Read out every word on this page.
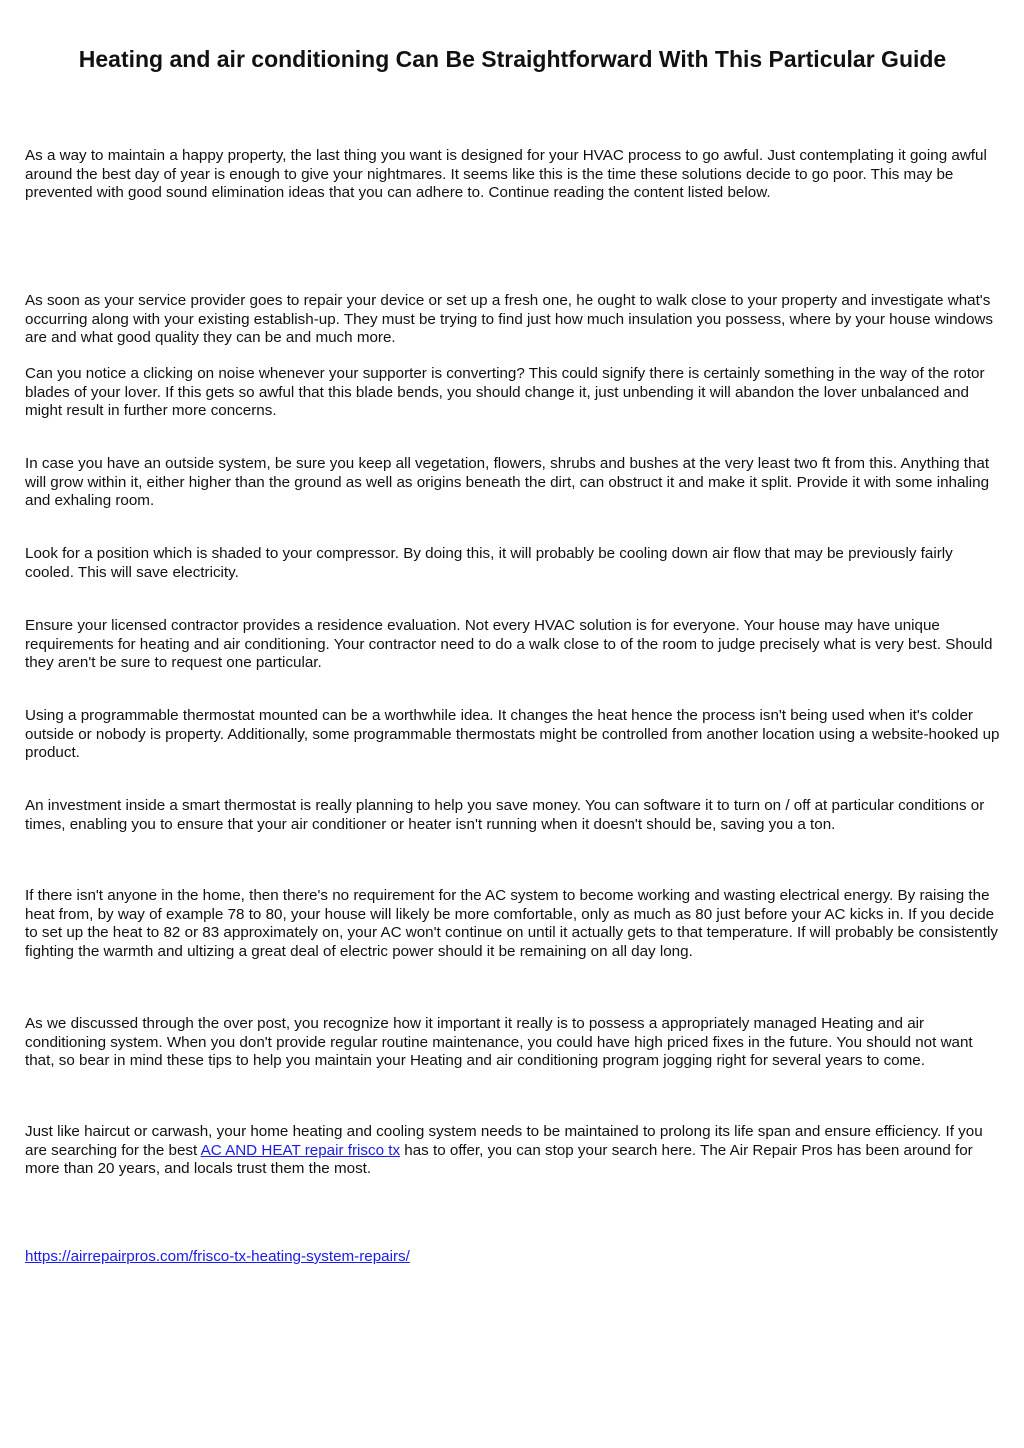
Heating and air conditioning Can Be Straightforward With This Particular Guide

As a way to maintain a happy property, the last thing you want is designed for your HVAC process to go awful. Just contemplating it going awful around the best day of year is enough to give your nightmares. It seems like this is the time these solutions decide to go poor. This may be prevented with good sound elimination ideas that you can adhere to. Continue reading the content listed below.

As soon as your service provider goes to repair your device or set up a fresh one, he ought to walk close to your property and investigate what's occurring along with your existing establish-up. They must be trying to find just how much insulation you possess, where by your house windows are and what good quality they can be and much more.

Can you notice a clicking on noise whenever your supporter is converting? This could signify there is certainly something in the way of the rotor blades of your lover. If this gets so awful that this blade bends, you should change it, just unbending it will abandon the lover unbalanced and might result in further more concerns.

In case you have an outside system, be sure you keep all vegetation, flowers, shrubs and bushes at the very least two ft from this. Anything that will grow within it, either higher than the ground as well as origins beneath the dirt, can obstruct it and make it split. Provide it with some inhaling and exhaling room.

Look for a position which is shaded to your compressor. By doing this, it will probably be cooling down air flow that may be previously fairly cooled. This will save electricity.

Ensure your licensed contractor provides a residence evaluation. Not every HVAC solution is for everyone. Your house may have unique requirements for heating and air conditioning. Your contractor need to do a walk close to of the room to judge precisely what is very best. Should they aren't be sure to request one particular.

Using a programmable thermostat mounted can be a worthwhile idea. It changes the heat hence the process isn't being used when it's colder outside or nobody is property. Additionally, some programmable thermostats might be controlled from another location using a website-hooked up product.

An investment inside a smart thermostat is really planning to help you save money. You can software it to turn on / off at particular conditions or times, enabling you to ensure that your air conditioner or heater isn't running when it doesn't should be, saving you a ton.

If there isn't anyone in the home, then there's no requirement for the AC system to become working and wasting electrical energy. By raising the heat from, by way of example 78 to 80, your house will likely be more comfortable, only as much as 80 just before your AC kicks in. If you decide to set up the heat to 82 or 83 approximately on, your AC won't continue on until it actually gets to that temperature. If will probably be consistently fighting the warmth and ultizing a great deal of electric power should it be remaining on all day long.

As we discussed through the over post, you recognize how it important it really is to possess a appropriately managed Heating and air conditioning system. When you don't provide regular routine maintenance, you could have high priced fixes in the future. You should not want that, so bear in mind these tips to help you maintain your Heating and air conditioning program jogging right for several years to come.

Just like haircut or carwash, your home heating and cooling system needs to be maintained to prolong its life span and ensure efficiency. If you are searching for the best AC AND HEAT repair frisco tx has to offer, you can stop your search here. The Air Repair Pros has been around for more than 20 years, and locals trust them the most.

https://airrepairpros.com/frisco-tx-heating-system-repairs/
